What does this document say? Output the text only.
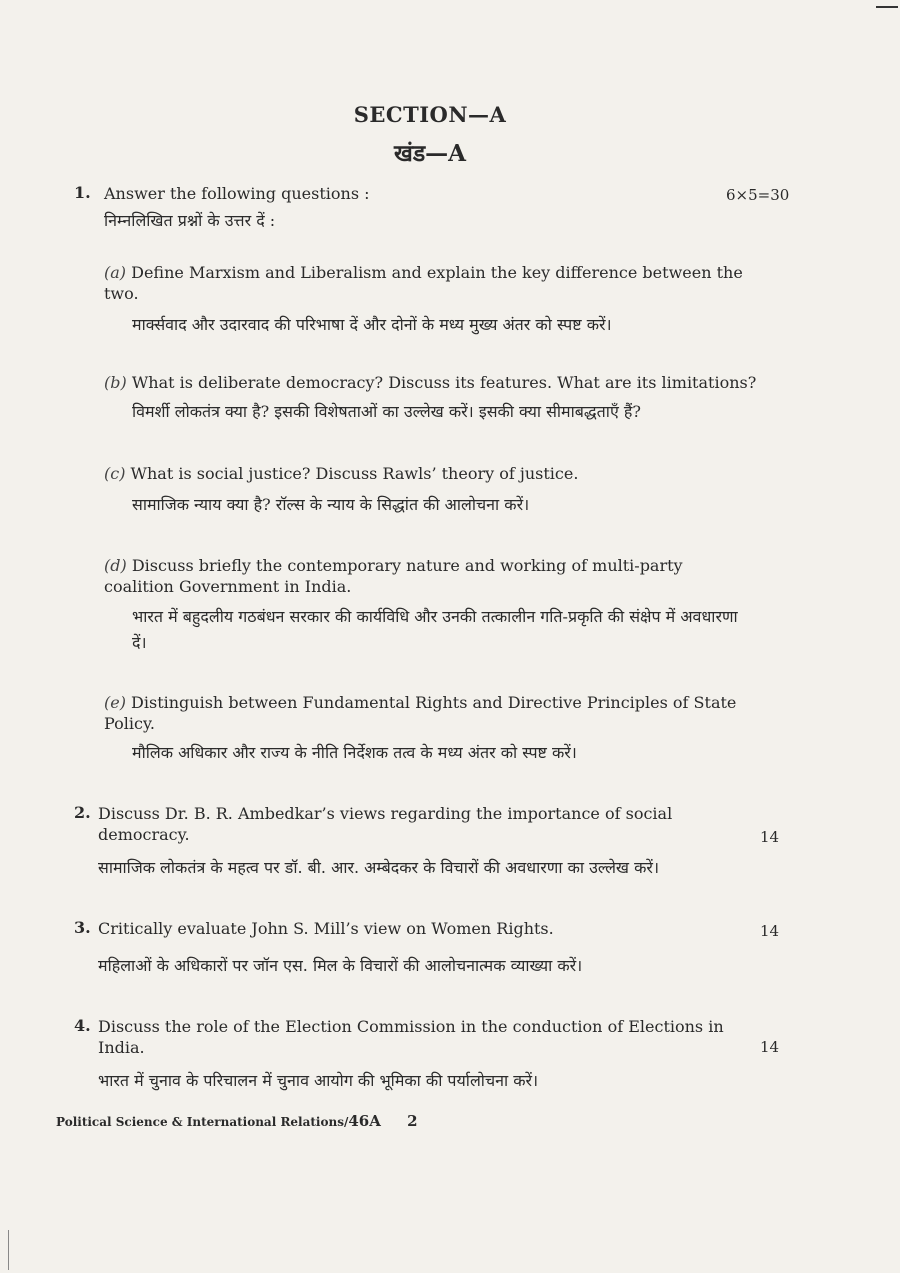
SECTION—A
खंड—A
1. Answer the following questions :	6×5=30
निम्नलिखित प्रश्नों के उत्तर दें :
(a) Define Marxism and Liberalism and explain the key difference between the two.
मार्क्सवाद और उदारवाद की परिभाषा दें और दोनों के मध्य मुख्य अंतर को स्पष्ट करें।
(b) What is deliberate democracy? Discuss its features. What are its limitations?
विमर्शी लोकतंत्र क्या है? इसकी विशेषताओं का उल्लेख करें। इसकी क्या सीमाबद्धताएँ हैं?
(c) What is social justice? Discuss Rawls’ theory of justice.
सामाजिक न्याय क्या है? रॉल्स के न्याय के सिद्धांत की आलोचना करें।
(d) Discuss briefly the contemporary nature and working of multi-party coalition Government in India.
भारत में बहुदलीय गठबंधन सरकार की कार्यविधि और उनकी तत्कालीन गति-प्रकृति की संक्षेप में अवधारणा दें।
(e) Distinguish between Fundamental Rights and Directive Principles of State Policy.
मौलिक अधिकार और राज्य के नीति निर्देशक तत्व के मध्य अंतर को स्पष्ट करें।
2. Discuss Dr. B. R. Ambedkar’s views regarding the importance of social democracy.	14
सामाजिक लोकतंत्र के महत्व पर डॉ. बी. आर. अम्बेदकर के विचारों की अवधारणा का उल्लेख करें।
3. Critically evaluate John S. Mill’s view on Women Rights.	14
महिलाओं के अधिकारों पर जॉन एस. मिल के विचारों की आलोचनात्मक व्याख्या करें।
4. Discuss the role of the Election Commission in the conduction of Elections in India.	14
भारत में चुनाव के परिचालन में चुनाव आयोग की भूमिका की पर्यालोचना करें।
Political Science & International Relations/46A 2
